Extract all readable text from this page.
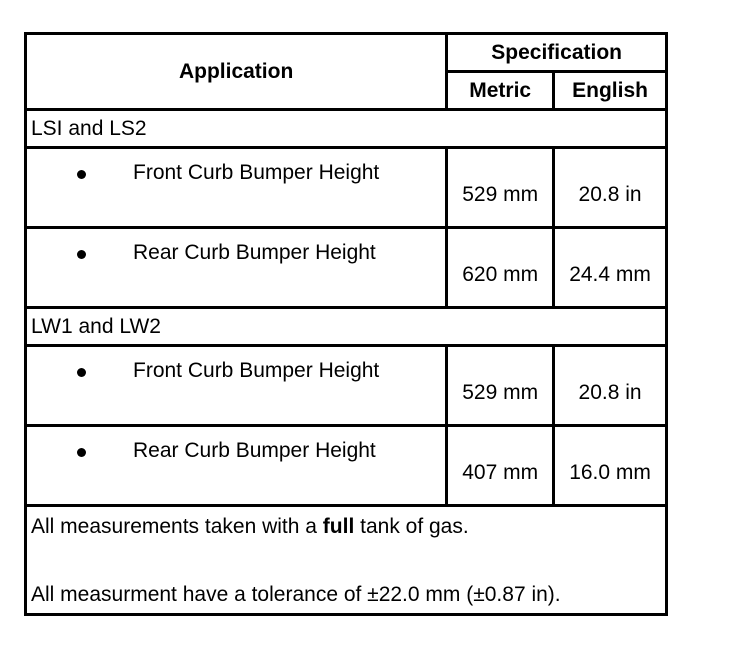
Application	Specification	
	Metric	English
LSI and LS2		

Front Curb Bumper Height	529 mm	20.8 in

Rear Curb Bumper Height	620 mm	24.4 mm
LW1 and LW2		

Front Curb Bumper Height	529 mm	20.8 in

Rear Curb Bumper Height	407 mm	16.0 mm

All measurements taken with a full tank of gas.
All measurment have a tolerance of ±22.0 mm (±0.87 in).		
